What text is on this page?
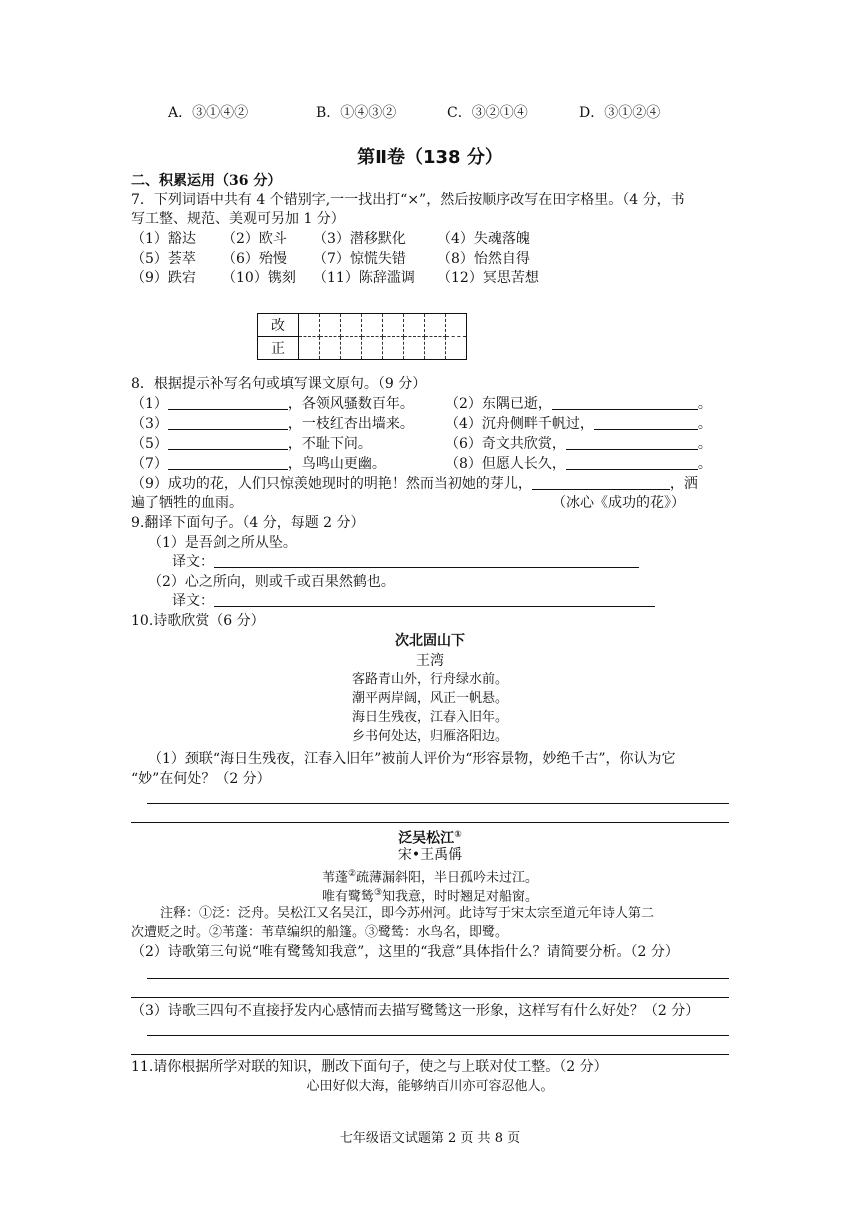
A．③①④②	B．①④③②	C．③②①④	D．③①②④
第Ⅱ卷（138 分）
二、积累运用（36 分）
7．下列词语中共有 4 个错别字,一一找出打“×”，然后按顺序改写在田字格里。（4 分，书
写工整、规范、美观可另加 1 分）
（1）豁达 （2）欧斗 （3）潜移默化 （4）失魂落魄
（5）荟萃 （6）殆慢 （7）惊慌失错 （8）怡然自得
（9）跌宕 （10）镌刻 （11）陈辞滥调 （12）冥思苦想
改								
正								
8．根据提示补写名句或填写课文原句。（9 分）
（1）	，各领风骚数百年。 （2）东隅已逝，	。
（3）	，一枝红杏出墙来。 （4）沉舟侧畔千帆过，	。
（5）	，不耻下问。	（6）奇文共欣赏，	。
（7）	，鸟鸣山更幽。	（8）但愿人长久，	。
（9）成功的花，人们只惊羡她现时的明艳！然而当初她的芽儿，	，洒
遍了牺牲的血雨。	（冰心《成功的花》）
9.翻译下面句子。（4 分，每题 2 分）
（1）是吾剑之所从坠。
译文：
（2）心之所向，则或千或百果然鹤也。
译文：
10.诗歌欣赏（6 分）
次北固山下
王湾
客路青山外，行舟绿水前。
潮平两岸阔，风正一帆悬。
海日生残夜，江春入旧年。
乡书何处达，归雁洛阳边。
（1）颈联“海日生残夜，江春入旧年”被前人评价为“形容景物，妙绝千古”，你认为它
“妙”在何处？（2 分）
泛吴松江①
宋•王禹偁
苇蓬②疏薄漏斜阳，半日孤吟未过江。
唯有鹭鸶③知我意，时时翘足对船窗。
注释：①泛：泛舟。吴松江又名吴江，即今苏州河。此诗写于宋太宗至道元年诗人第二
次遭贬之时。②苇蓬：苇草编织的船篷。③鹭鸶：水鸟名，即鹭。
（2）诗歌第三句说“唯有鹭鸶知我意”，这里的“我意”具体指什么？请简要分析。（2 分）
（3）诗歌三四句不直接抒发内心感情而去描写鹭鸶这一形象，这样写有什么好处？（2 分）
11.请你根据所学对联的知识，删改下面句子，使之与上联对仗工整。（2 分）
心田好似大海，能够纳百川亦可容忍他人。
七年级语文试题第 2 页 共 8 页
